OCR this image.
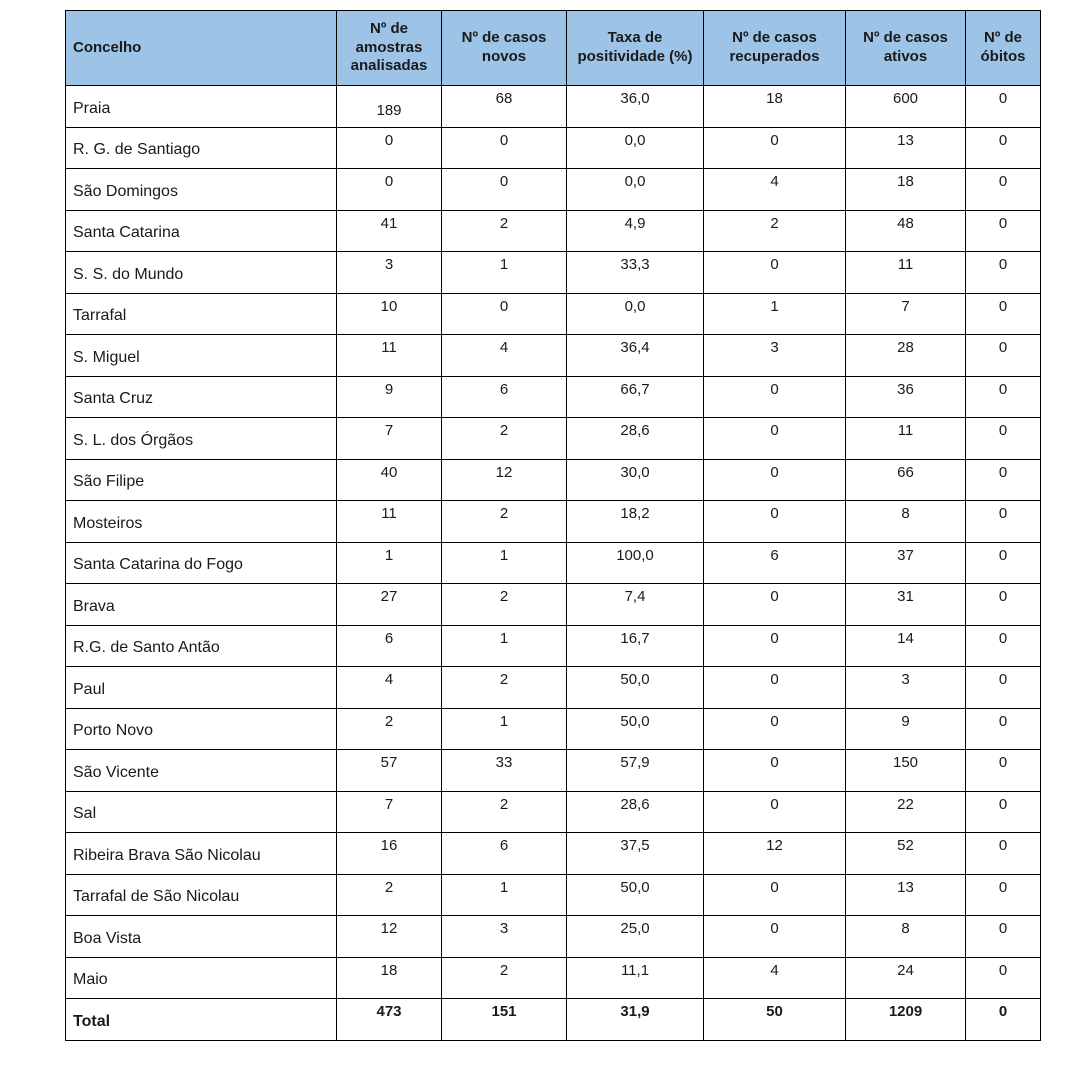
Concelho	Nº de amostras analisadas	Nº de casos novos	Taxa de positividade (%)	Nº de casos recuperados	Nº de casos ativos	Nº de óbitos
Praia	189	68	36,0	18	600	0
R. G. de Santiago	0	0	0,0	0	13	0
São Domingos	0	0	0,0	4	18	0
Santa Catarina	41	2	4,9	2	48	0
S. S. do Mundo	3	1	33,3	0	11	0
Tarrafal	10	0	0,0	1	7	0
S. Miguel	11	4	36,4	3	28	0
Santa Cruz	9	6	66,7	0	36	0
S. L. dos Órgãos	7	2	28,6	0	11	0
São Filipe	40	12	30,0	0	66	0
Mosteiros	11	2	18,2	0	8	0
Santa Catarina do Fogo	1	1	100,0	6	37	0
Brava	27	2	7,4	0	31	0
R.G. de Santo Antão	6	1	16,7	0	14	0
Paul	4	2	50,0	0	3	0
Porto Novo	2	1	50,0	0	9	0
São Vicente	57	33	57,9	0	150	0
Sal	7	2	28,6	0	22	0
Ribeira Brava São Nicolau	16	6	37,5	12	52	0
Tarrafal de São Nicolau	2	1	50,0	0	13	0
Boa Vista	12	3	25,0	0	8	0
Maio	18	2	11,1	4	24	0
Total	473	151	31,9	50	1209	0
